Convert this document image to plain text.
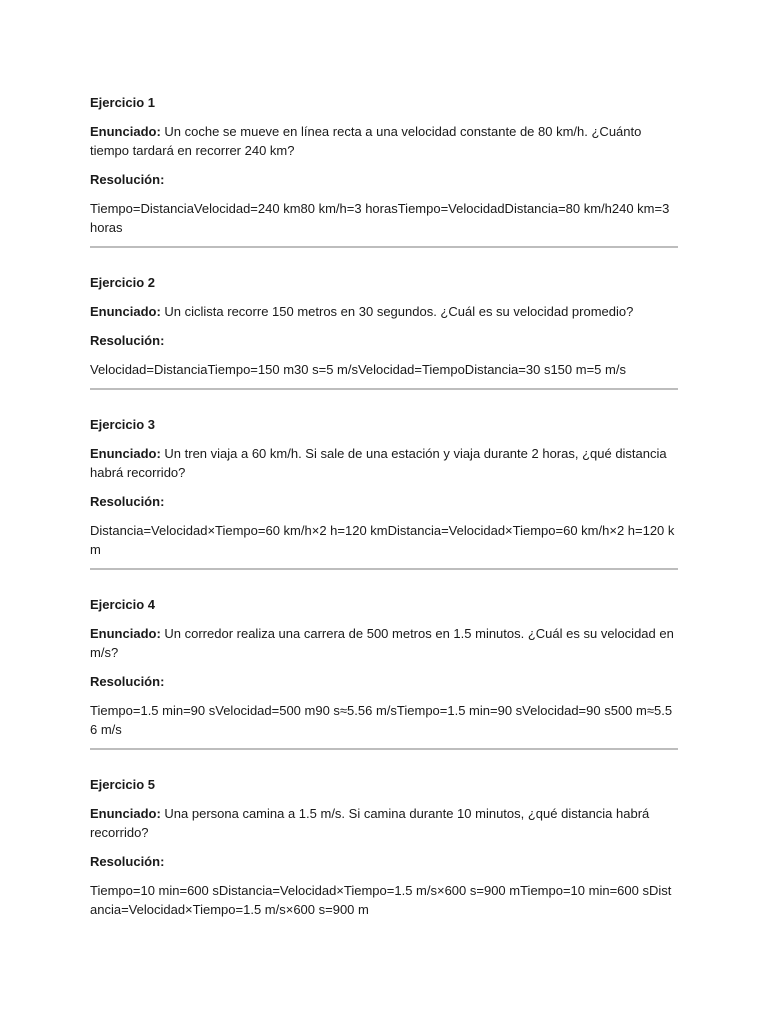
Ejercicio 1
Enunciado: Un coche se mueve en línea recta a una velocidad constante de 80 km/h. ¿Cuánto tiempo tardará en recorrer 240 km?
Resolución:
Tiempo=DistanciaVelocidad=240 km80 km/h=3 horasTiempo=VelocidadDistancia=80 km/h240 km=3 horas
Ejercicio 2
Enunciado: Un ciclista recorre 150 metros en 30 segundos. ¿Cuál es su velocidad promedio?
Resolución:
Velocidad=DistanciaTiempo=150 m30 s=5 m/sVelocidad=TiempoDistancia=30 s150 m=5 m/s
Ejercicio 3
Enunciado: Un tren viaja a 60 km/h. Si sale de una estación y viaja durante 2 horas, ¿qué distancia habrá recorrido?
Resolución:
Distancia=Velocidad×Tiempo=60 km/h×2 h=120 kmDistancia=Velocidad×Tiempo=60 km/h×2 h=120 km
Ejercicio 4
Enunciado: Un corredor realiza una carrera de 500 metros en 1.5 minutos. ¿Cuál es su velocidad en m/s?
Resolución:
Tiempo=1.5 min=90 sVelocidad=500 m90 s≈5.56 m/sTiempo=1.5 min=90 sVelocidad=90 s500 m≈5.56 m/s
Ejercicio 5
Enunciado: Una persona camina a 1.5 m/s. Si camina durante 10 minutos, ¿qué distancia habrá recorrido?
Resolución:
Tiempo=10 min=600 sDistancia=Velocidad×Tiempo=1.5 m/s×600 s=900 mTiempo=10 min=600 sDistancia=Velocidad×Tiempo=1.5 m/s×600 s=900 m
